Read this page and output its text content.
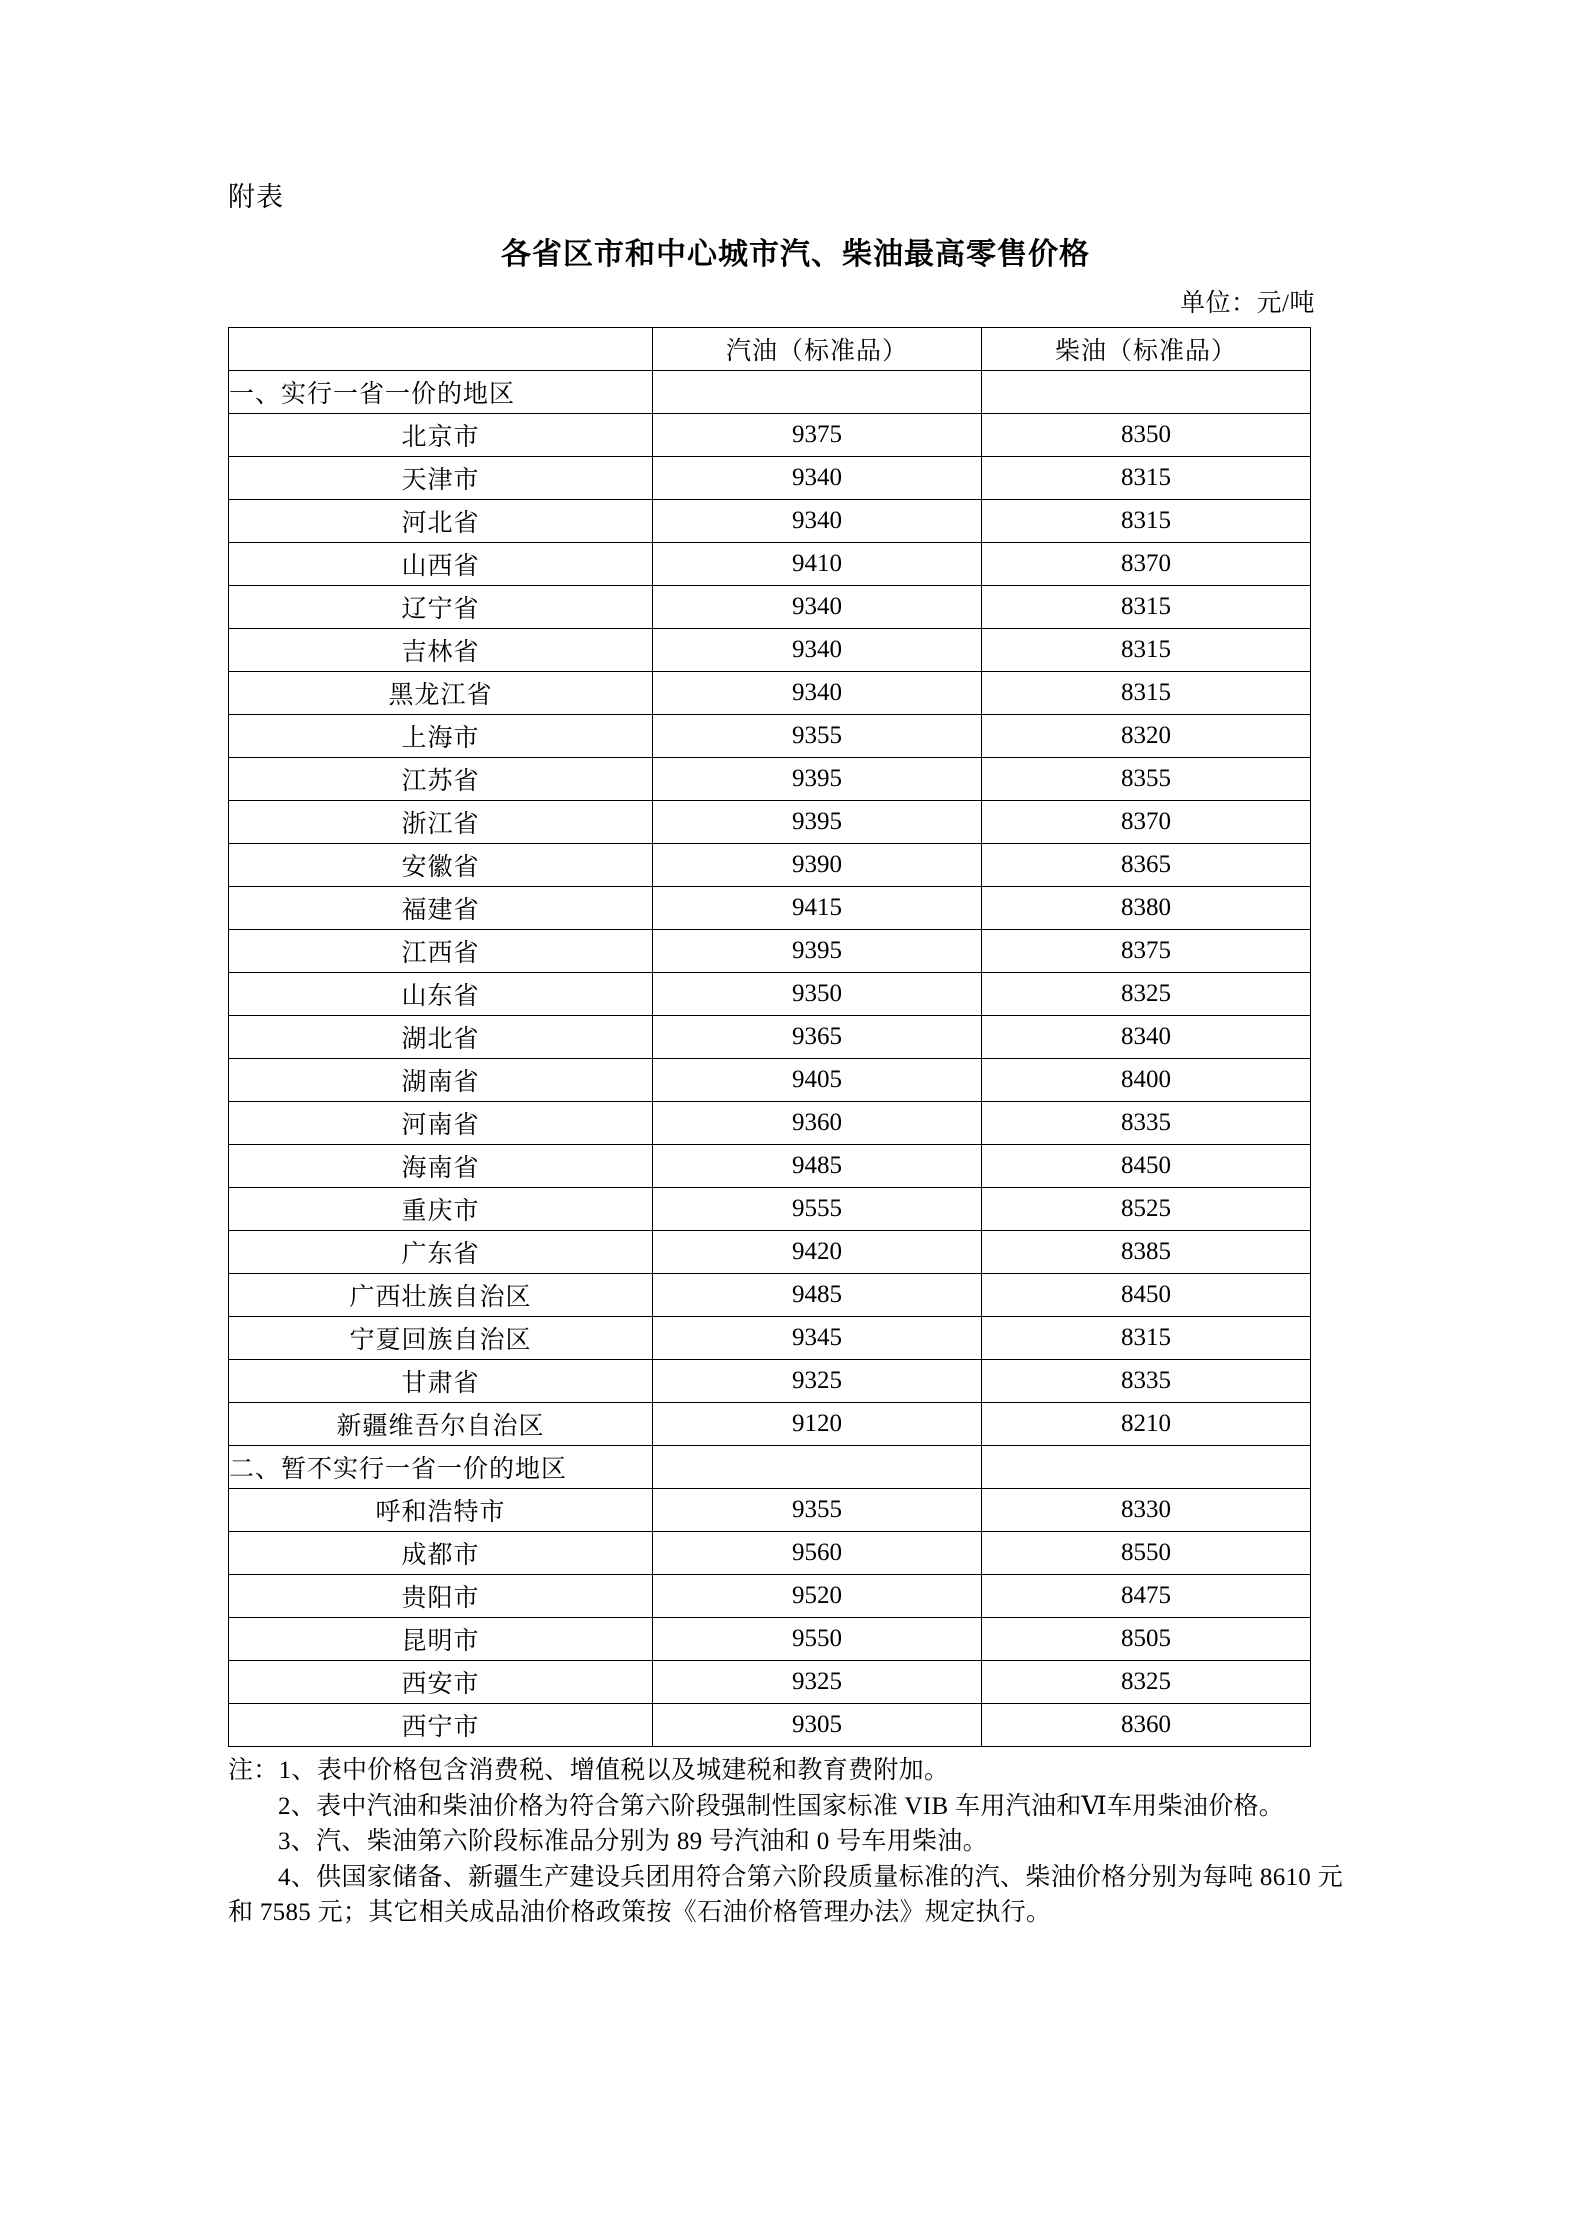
附表
各省区市和中心城市汽、柴油最高零售价格
单位：元/吨
	汽油（标准品）	柴油（标准品）
一、实行一省一价的地区		
北京市	9375	8350
天津市	9340	8315
河北省	9340	8315
山西省	9410	8370
辽宁省	9340	8315
吉林省	9340	8315
黑龙江省	9340	8315
上海市	9355	8320
江苏省	9395	8355
浙江省	9395	8370
安徽省	9390	8365
福建省	9415	8380
江西省	9395	8375
山东省	9350	8325
湖北省	9365	8340
湖南省	9405	8400
河南省	9360	8335
海南省	9485	8450
重庆市	9555	8525
广东省	9420	8385
广西壮族自治区	9485	8450
宁夏回族自治区	9345	8315
甘肃省	9325	8335
新疆维吾尔自治区	9120	8210
二、暂不实行一省一价的地区		
呼和浩特市	9355	8330
成都市	9560	8550
贵阳市	9520	8475
昆明市	9550	8505
西安市	9325	8325
西宁市	9305	8360

注：1、表中价格包含消费税、增值税以及城建税和教育费附加。

2、表中汽油和柴油价格为符合第六阶段强制性国家标准 VIB 车用汽油和Ⅵ车用柴油价格。

3、汽、柴油第六阶段标准品分别为 89 号汽油和 0 号车用柴油。

4、供国家储备、新疆生产建设兵团用符合第六阶段质量标准的汽、柴油价格分别为每吨 8610 元和 7585 元；其它相关成品油价格政策按《石油价格管理办法》规定执行。
